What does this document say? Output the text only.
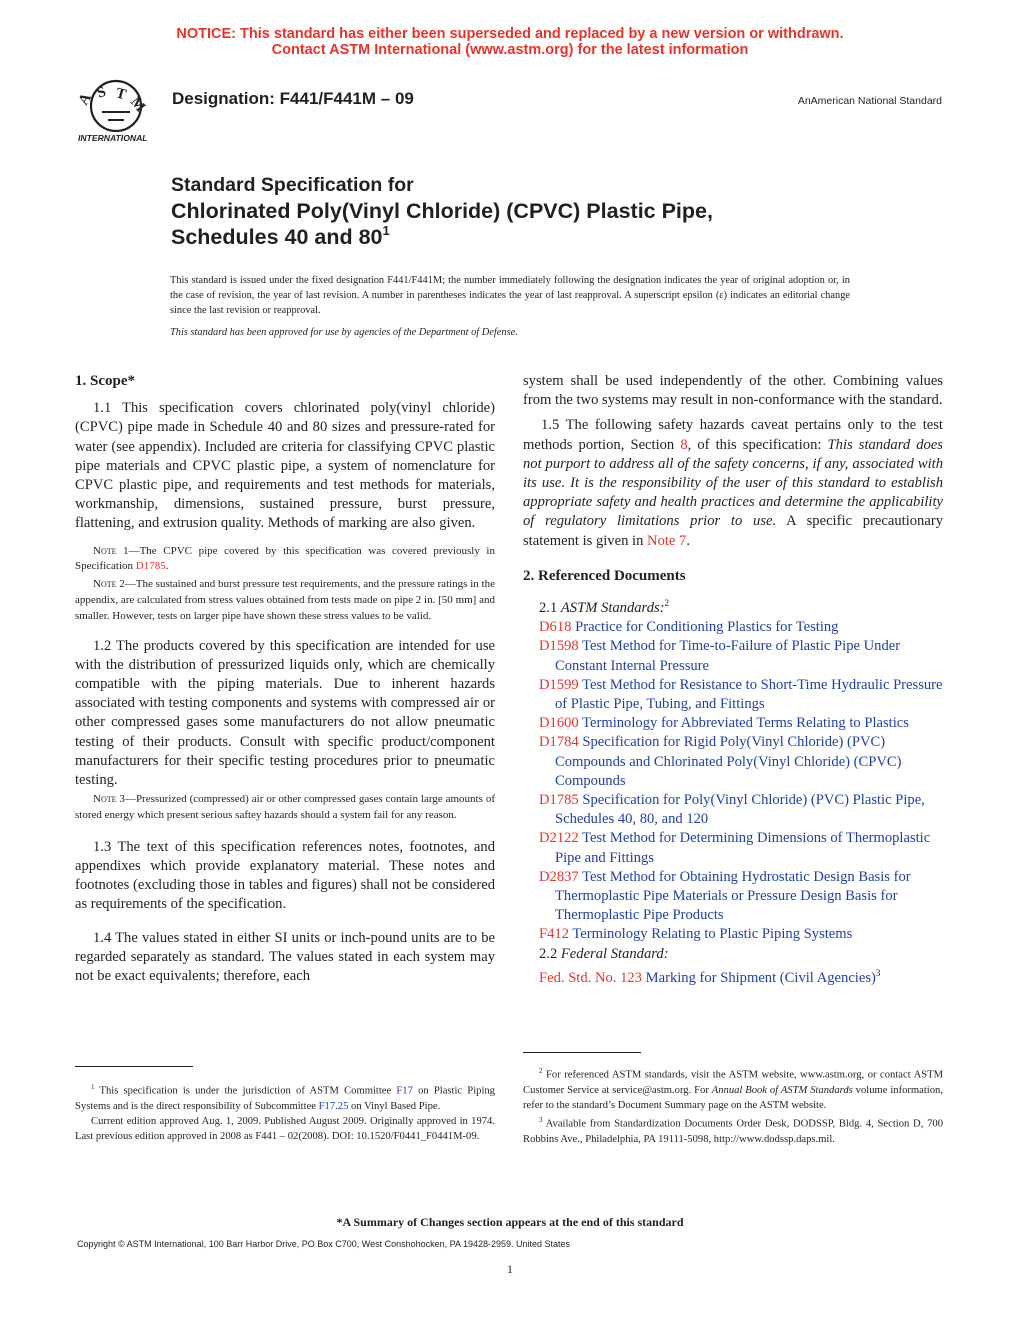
NOTICE: This standard has either been superseded and replaced by a new version or withdrawn.
Contact ASTM International (www.astm.org) for the latest information
A S T M
INTERNATIONAL
Designation: F441/F441M – 09	AnAmerican National Standard
Standard Specification for
Chlorinated Poly(Vinyl Chloride) (CPVC) Plastic Pipe,
Schedules 40 and $80^1$
This standard is issued under the fixed designation F441/F441M; the number immediately following the designation indicates the year of original adoption or, in the case of revision, the year of last revision. A number in parentheses indicates the year of last reapproval. A superscript epsilon (ε) indicates an editorial change since the last revision or reapproval.
This standard has been approved for use by agencies of the Department of Defense.
1. Scope*

1.1 This specification covers chlorinated poly(vinyl chloride) (CPVC) pipe made in Schedule 40 and 80 sizes and pressure-rated for water (see appendix). Included are criteria for classifying CPVC plastic pipe materials and CPVC plastic pipe, a system of nomenclature for CPVC plastic pipe, and requirements and test methods for materials, workmanship, dimensions, sustained pressure, burst pressure, flattening, and extrusion quality. Methods of marking are also given.

Note 1—The CPVC pipe covered by this specification was covered previously in Specification D1785.

Note 2—The sustained and burst pressure test requirements, and the pressure ratings in the appendix, are calculated from stress values obtained from tests made on pipe 2 in. [50 mm] and smaller. However, tests on larger pipe have shown these stress values to be valid.

1.2 The products covered by this specification are intended for use with the distribution of pressurized liquids only, which are chemically compatible with the piping materials. Due to inherent hazards associated with testing components and systems with compressed air or other compressed gases some manufacturers do not allow pneumatic testing of their products. Consult with specific product/component manufacturers for their specific testing procedures prior to pneumatic testing.

Note 3—Pressurized (compressed) air or other compressed gases contain large amounts of stored energy which present serious saftey hazards should a system fail for any reason.

1.3 The text of this specification references notes, footnotes, and appendixes which provide explanatory material. These notes and footnotes (excluding those in tables and figures) shall not be considered as requirements of the specification.

1.4 The values stated in either SI units or inch-pound units are to be regarded separately as standard. The values stated in each system may not be exact equivalents; therefore, each

system shall be used independently of the other. Combining values from the two systems may result in non-conformance with the standard.

1.5 The following safety hazards caveat pertains only to the test methods portion, Section 8, of this specification: This standard does not purport to address all of the safety concerns, if any, associated with its use. It is the responsibility of the user of this standard to establish appropriate safety and health practices and determine the applicability of regulatory limitations prior to use. A specific precautionary statement is given in Note 7.

2. Referenced Documents
2.1 ASTM Standards:$^2$
D618 Practice for Conditioning Plastics for Testing
D1598 Test Method for Time-to-Failure of Plastic Pipe Under Constant Internal Pressure
D1599 Test Method for Resistance to Short-Time Hydraulic Pressure of Plastic Pipe, Tubing, and Fittings
D1600 Terminology for Abbreviated Terms Relating to Plastics
D1784 Specification for Rigid Poly(Vinyl Chloride) (PVC) Compounds and Chlorinated Poly(Vinyl Chloride) (CPVC) Compounds
D1785 Specification for Poly(Vinyl Chloride) (PVC) Plastic Pipe, Schedules 40, 80, and 120
D2122 Test Method for Determining Dimensions of Thermoplastic Pipe and Fittings
D2837 Test Method for Obtaining Hydrostatic Design Basis for Thermoplastic Pipe Materials or Pressure Design Basis for Thermoplastic Pipe Products
F412 Terminology Relating to Plastic Piping Systems
2.2 Federal Standard:
Fed. Std. No. 123 Marking for Shipment (Civil Agencies)$^3$

$^1$ This specification is under the jurisdiction of ASTM Committee F17 on Plastic Piping Systems and is the direct responsibility of Subcommittee F17.25 on Vinyl Based Pipe.

Current edition approved Aug. 1, 2009. Published August 2009. Originally approved in 1974. Last previous edition approved in 2008 as F441 – 02(2008). DOI: 10.1520/F0441_F0441M-09.

$^2$ For referenced ASTM standards, visit the ASTM website, www.astm.org, or contact ASTM Customer Service at service@astm.org. For Annual Book of ASTM Standards volume information, refer to the standard’s Document Summary page on the ASTM website.

$^3$ Available from Standardization Documents Order Desk, DODSSP, Bldg. 4, Section D, 700 Robbins Ave., Philadelphia, PA 19111-5098, http://www.dodssp.daps.mil.

*A Summary of Changes section appears at the end of this standard
Copyright © ASTM International, 100 Barr Harbor Drive, PO Box C700, West Conshohocken, PA 19428-2959. United States
1
